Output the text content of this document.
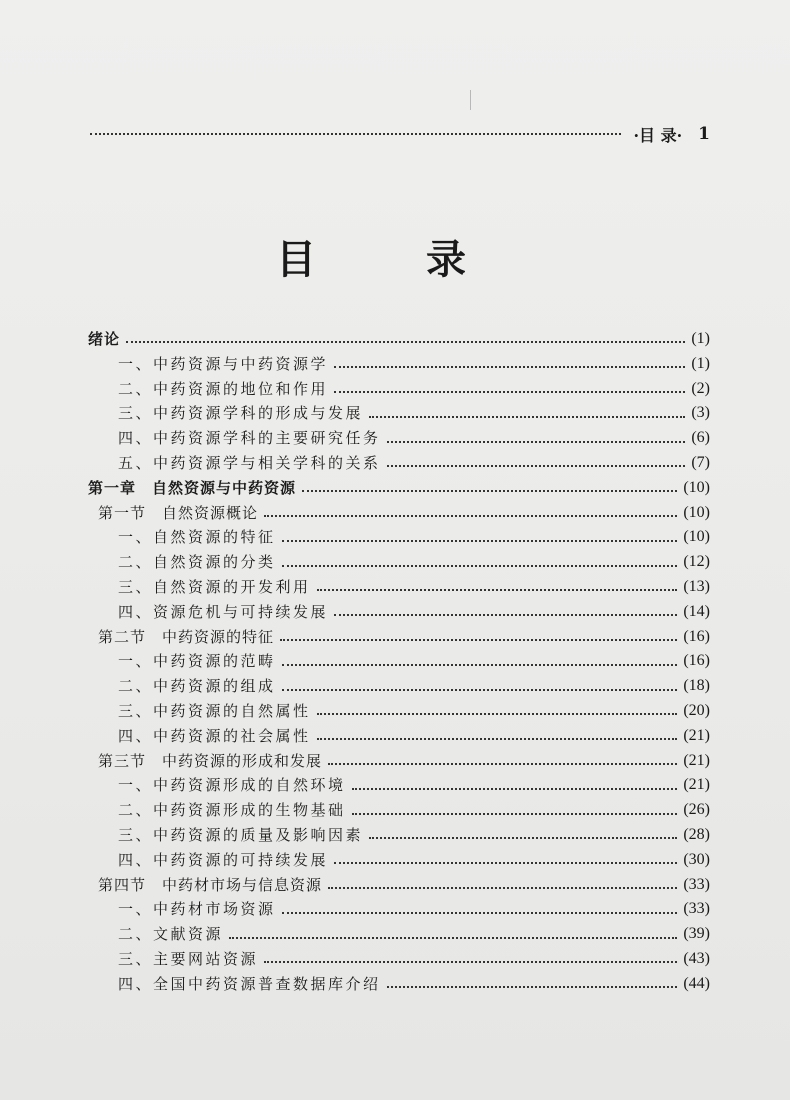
·目 录· 1
目 录
绪论	(1)
一、中药资源与中药资源学	(1)
二、中药资源的地位和作用	(2)
三、中药资源学科的形成与发展	(3)
四、中药资源学科的主要研究任务	(6)
五、中药资源学与相关学科的关系	(7)
第一章　自然资源与中药资源	(10)
第一节　自然资源概论	(10)
一、自然资源的特征	(10)
二、自然资源的分类	(12)
三、自然资源的开发利用	(13)
四、资源危机与可持续发展	(14)
第二节　中药资源的特征	(16)
一、中药资源的范畴	(16)
二、中药资源的组成	(18)
三、中药资源的自然属性	(20)
四、中药资源的社会属性	(21)
第三节　中药资源的形成和发展	(21)
一、中药资源形成的自然环境	(21)
二、中药资源形成的生物基础	(26)
三、中药资源的质量及影响因素	(28)
四、中药资源的可持续发展	(30)
第四节　中药材市场与信息资源	(33)
一、中药材市场资源	(33)
二、文献资源	(39)
三、主要网站资源	(43)
四、全国中药资源普查数据库介绍	(44)
